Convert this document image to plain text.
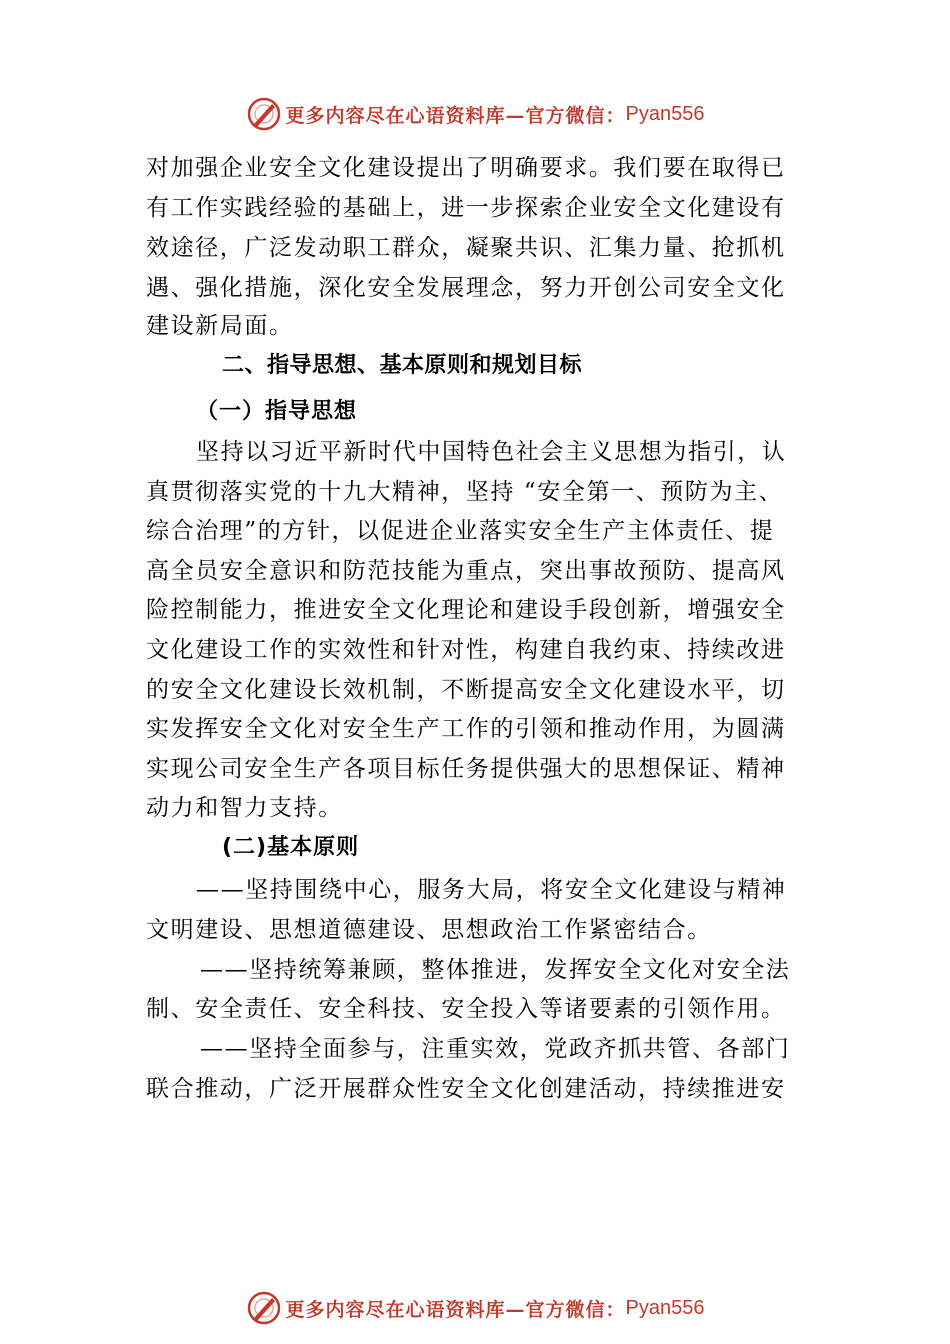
更多内容尽在心语资料库 —官方微信： Pyan556
对加强企业安全文化建设提出了明确要求。我们要在取得已
有工作实践经验的基础上，进一步探索企业安全文化建设有
效途径，广泛发动职工群众，凝聚共识、汇集力量、抢抓机
遇、强化措施，深化安全发展理念，努力开创公司安全文化
建设新局面。
二、指导思想、基本原则和规划目标
（一）指导思想
坚持以习近平新时代中国特色社会主义思想为指引，认
真贯彻落实党的十九大精神，坚持 “安全第一、预防为主、
综合治理”的方针，以促进企业落实安全生产主体责任、提
高全员安全意识和防范技能为重点，突出事故预防、提高风
险控制能力，推进安全文化理论和建设手段创新，增强安全
文化建设工作的实效性和针对性，构建自我约束、持续改进
的安全文化建设长效机制，不断提高安全文化建设水平，切
实发挥安全文化对安全生产工作的引领和推动作用，为圆满
实现公司安全生产各项目标任务提供强大的思想保证、精神
动力和智力支持。
(二)基本原则
——坚持围绕中心，服务大局，将安全文化建设与精神
文明建设、思想道德建设、思想政治工作紧密结合。
——坚持统筹兼顾，整体推进，发挥安全文化对安全法
制、安全责任、安全科技、安全投入等诸要素的引领作用。
——坚持全面参与，注重实效，党政齐抓共管、各部门
联合推动，广泛开展群众性安全文化创建活动，持续推进安
更多内容尽在心语资料库 —官方微信： Pyan556
